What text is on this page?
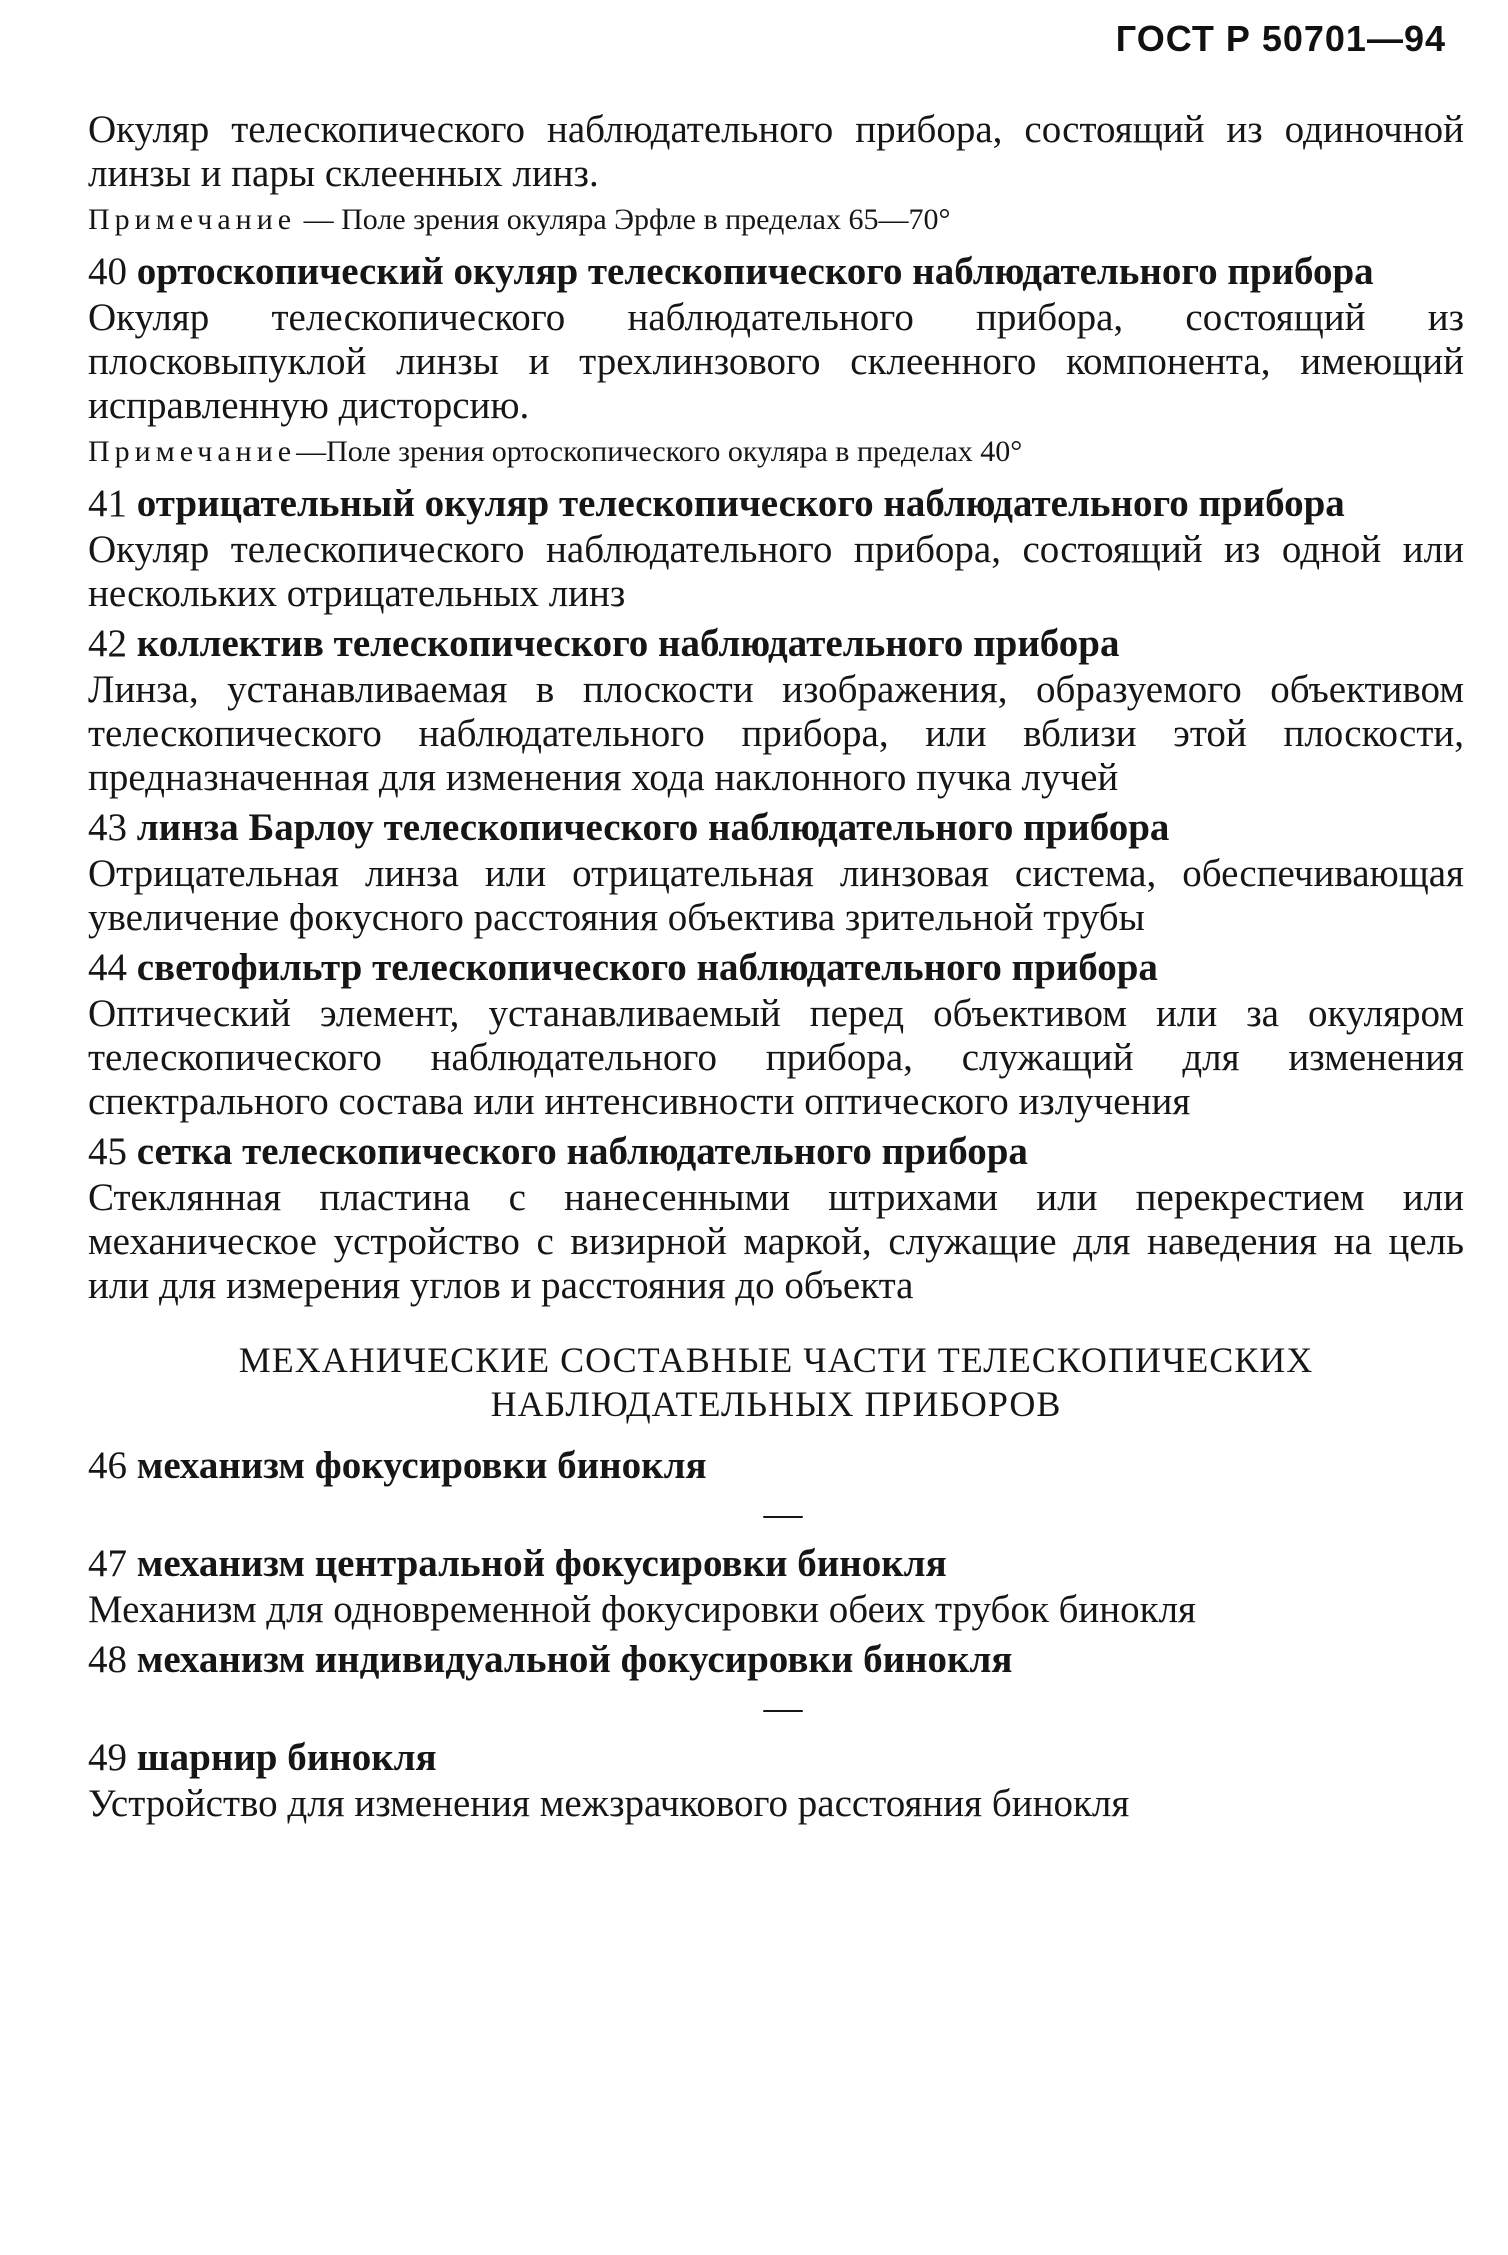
ГОСТ Р 50701—94

Окуляр телескопического наблюдательного прибора, состоящий из одиночной линзы и пары склеенных линз.

Примечание — Поле зрения окуляра Эрфле в пределах 65—70°
40 ортоскопический окуляр телескопического наблюдательного прибора

Окуляр телескопического наблюдательного прибора, состоящий из плосковыпуклой линзы и трехлинзового склеенного компонента, имеющий исправленную дисторсию.

Примечание—Поле зрения ортоскопического окуляра в пределах 40°
41 отрицательный окуляр телескопического наблюдательного прибора

Окуляр телескопического наблюдательного прибора, состоящий из одной или нескольких отрицательных линз

42 коллектив телескопического наблюдательного прибора

Линза, устанавливаемая в плоскости изображения, образуемого объективом телескопического наблюдательного прибора, или вблизи этой плоскости, предназначенная для изменения хода наклонного пучка лучей

43 линза Барлоу телескопического наблюдательного прибора

Отрицательная линза или отрицательная линзовая система, обеспечивающая увеличение фокусного расстояния объектива зрительной трубы

44 светофильтр телескопического наблюдательного прибора

Оптический элемент, устанавливаемый перед объективом или за окуляром телескопического наблюдательного прибора, служащий для изменения спектрального состава или интенсивности оптического излучения

45 сетка телескопического наблюдательного прибора

Стеклянная пластина с нанесенными штрихами или перекрестием или механическое устройство с визирной маркой, служащие для наведения на цель или для измерения углов и расстояния до объекта

МЕХАНИЧЕСКИЕ СОСТАВНЫЕ ЧАСТИ ТЕЛЕСКОПИЧЕСКИХ
НАБЛЮДАТЕЛЬНЫХ ПРИБОРОВ
46 механизм фокусировки бинокля
—
47 механизм центральной фокусировки бинокля

Механизм для одновременной фокусировки обеих трубок бинокля

48 механизм индивидуальной фокусировки бинокля
—
49 шарнир бинокля

Устройство для изменения межзрачкового расстояния бинокля
